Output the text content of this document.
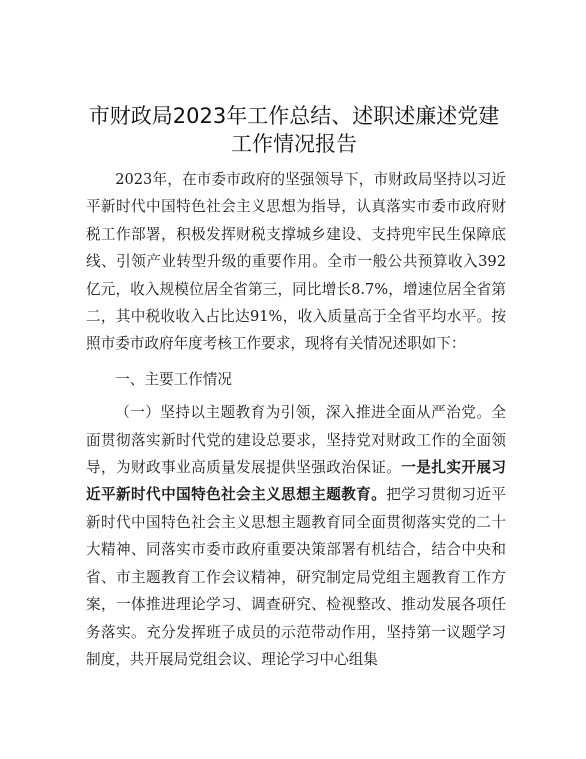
市财政局2023年工作总结、述职述廉述党建工作情况报告

2023年，在市委市政府的坚强领导下，市财政局坚持以习近平新时代中国特色社会主义思想为指导，认真落实市委市政府财税工作部署，积极发挥财税支撑城乡建设、支持兜牢民生保障底线、引领产业转型升级的重要作用。全市一般公共预算收入392亿元，收入规模位居全省第三，同比增长8.7%，增速位居全省第二，其中税收收入占比达91%，收入质量高于全省平均水平。按照市委市政府年度考核工作要求，现将有关情况述职如下：

一、主要工作情况

（一）坚持以主题教育为引领，深入推进全面从严治党。全面贯彻落实新时代党的建设总要求，坚持党对财政工作的全面领导，为财政事业高质量发展提供坚强政治保证。一是扎实开展习近平新时代中国特色社会主义思想主题教育。把学习贯彻习近平新时代中国特色社会主义思想主题教育同全面贯彻落实党的二十大精神、同落实市委市政府重要决策部署有机结合，结合中央和省、市主题教育工作会议精神，研究制定局党组主题教育工作方案，一体推进理论学习、调查研究、检视整改、推动发展各项任务落实。充分发挥班子成员的示范带动作用，坚持第一议题学习制度，共开展局党组会议、理论学习中心组集
